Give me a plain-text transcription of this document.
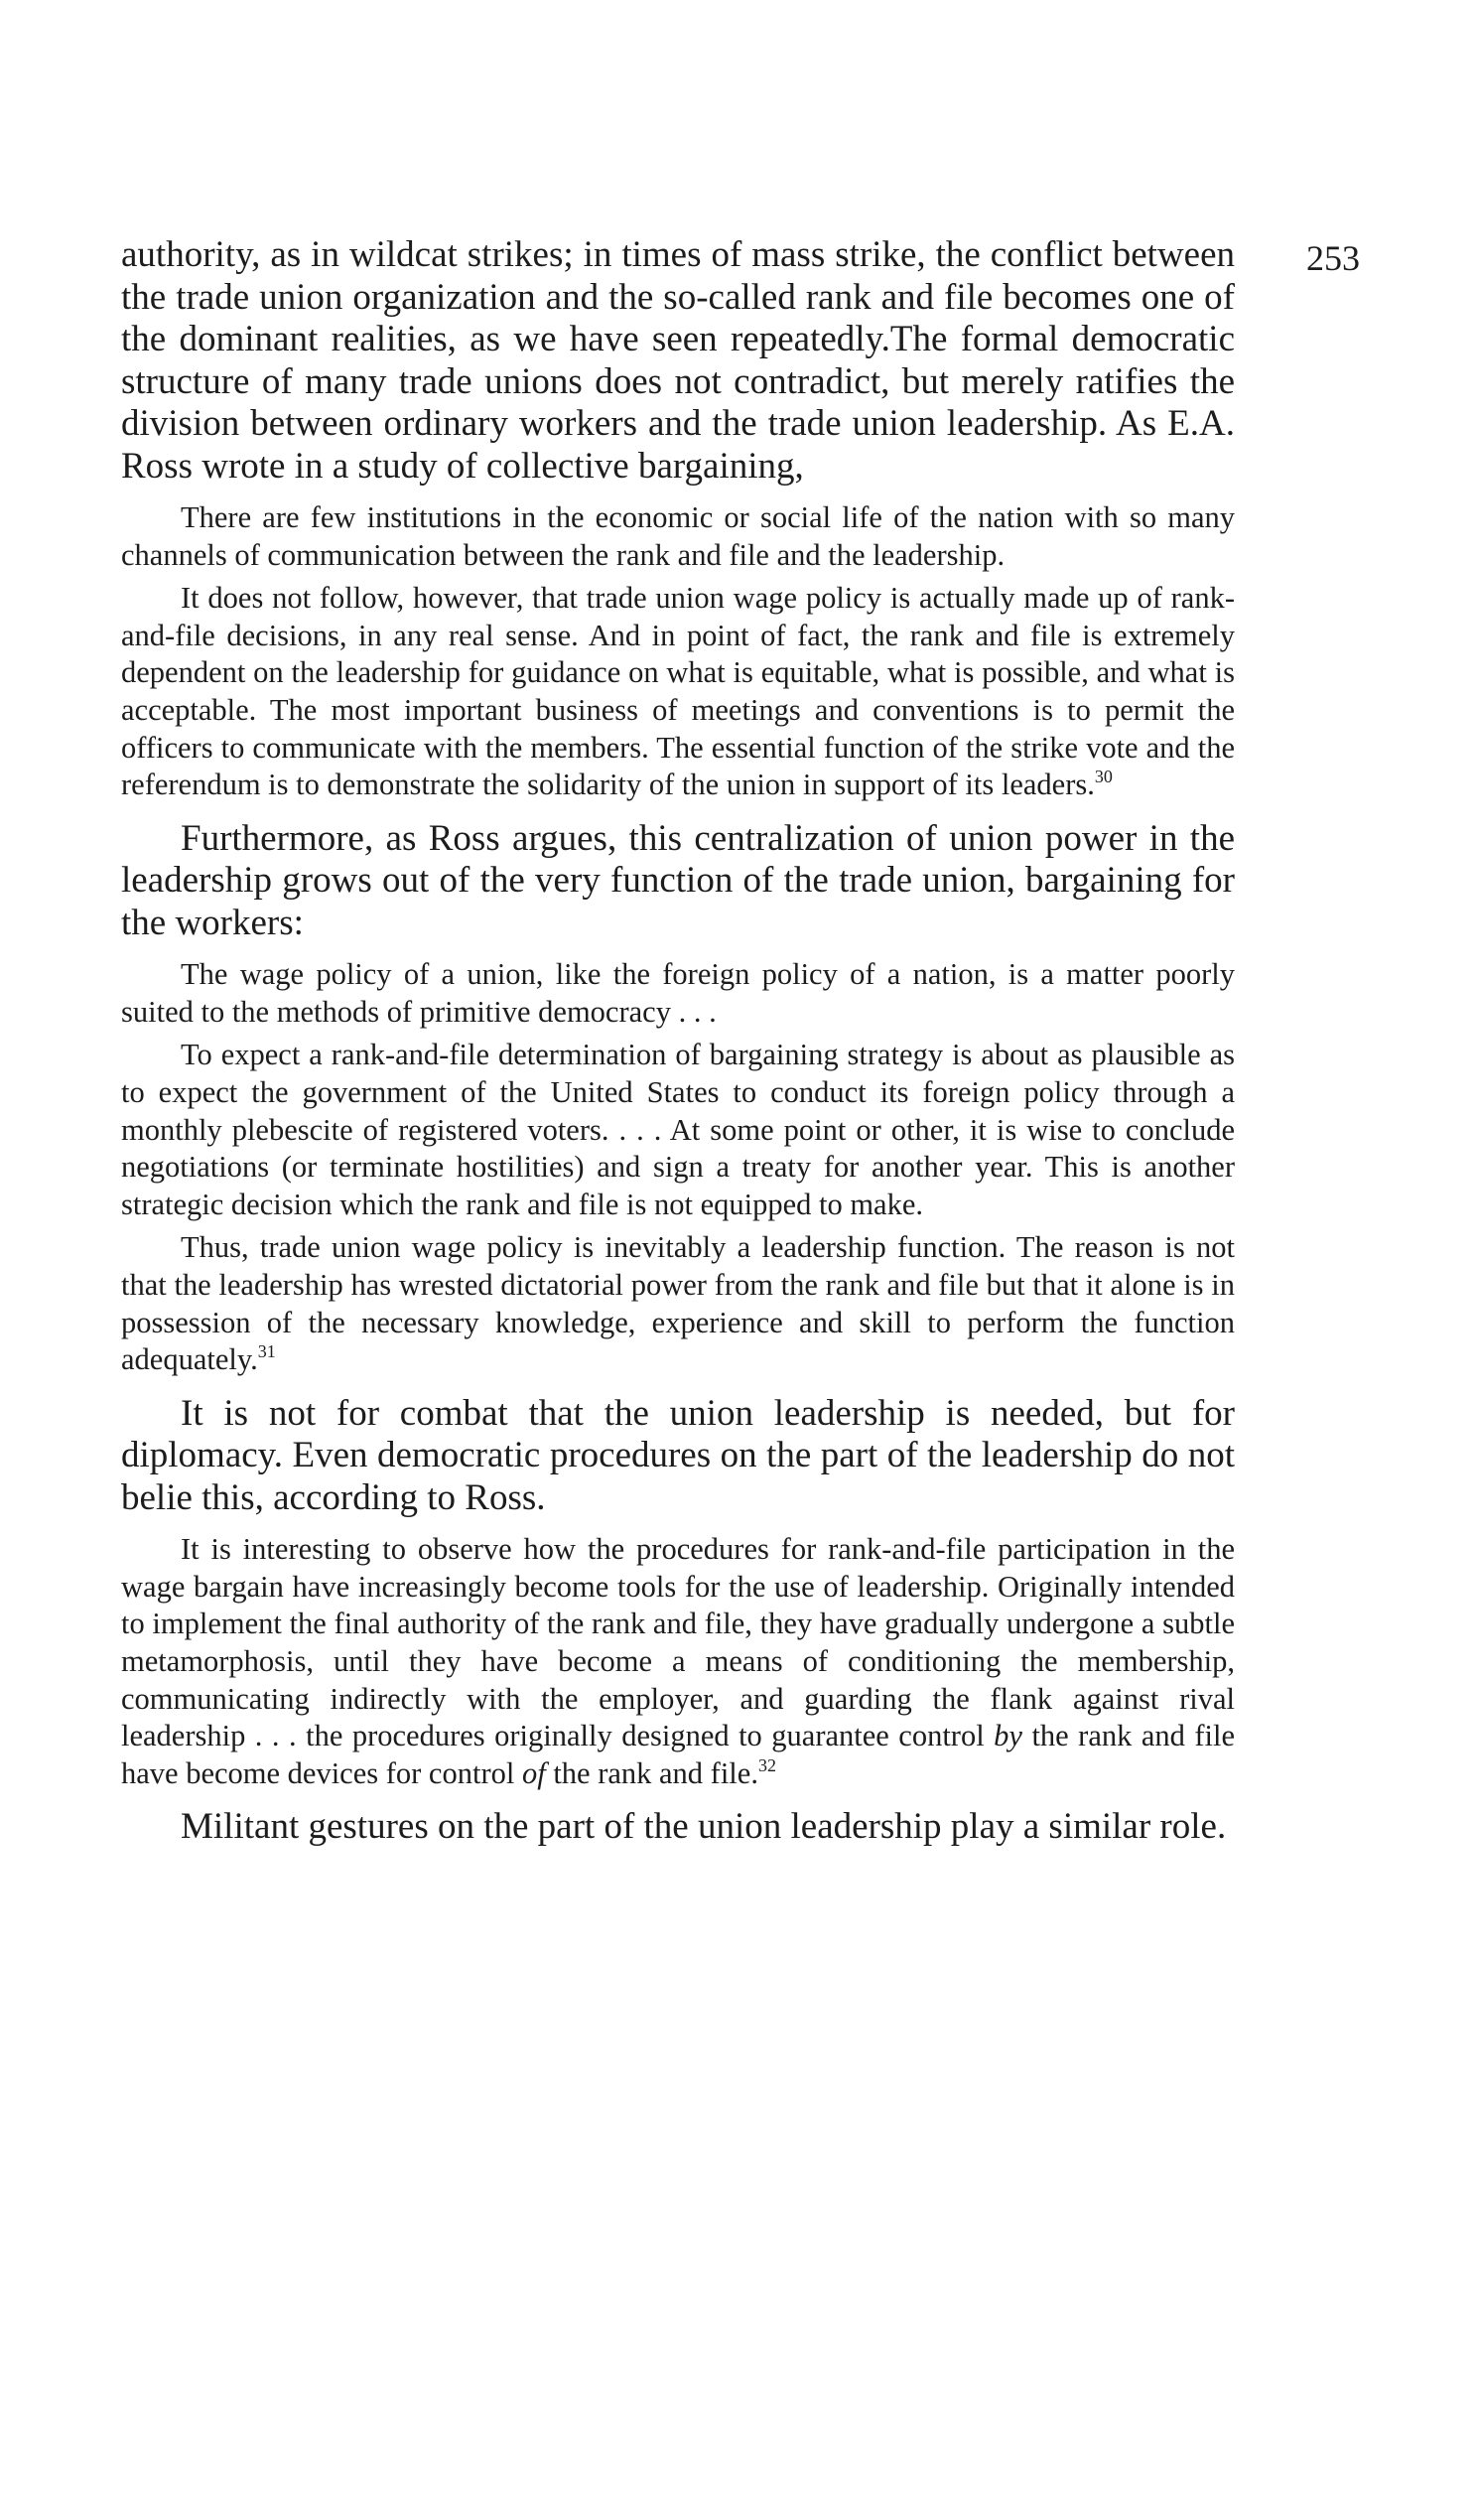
253

authority, as in wildcat strikes; in times of mass strike, the conflict between the trade union organization and the so-called rank and file becomes one of the dominant realities, as we have seen repeatedly.The formal democratic structure of many trade unions does not contradict, but merely ratifies the division between ordinary workers and the trade union leadership. As E.A. Ross wrote in a study of collective bargaining,

There are few institutions in the economic or social life of the nation with so many channels of communication between the rank and file and the leadership.

It does not follow, however, that trade union wage policy is actually made up of rank-and-file decisions, in any real sense. And in point of fact, the rank and file is extremely dependent on the leadership for guidance on what is equitable, what is possible, and what is acceptable. The most important business of meetings and conventions is to permit the officers to communicate with the members. The essential function of the strike vote and the referendum is to demonstrate the solidarity of the union in support of its leaders.$^{30}$

Furthermore, as Ross argues, this centralization of union power in the leadership grows out of the very function of the trade union, bargaining for the workers:

The wage policy of a union, like the foreign policy of a nation, is a matter poorly suited to the methods of primitive democracy . . .

To expect a rank-and-file determination of bargaining strategy is about as plausible as to expect the government of the United States to conduct its foreign policy through a monthly plebescite of registered voters. . . . At some point or other, it is wise to conclude negotiations (or terminate hostilities) and sign a treaty for another year. This is another strategic decision which the rank and file is not equipped to make.

Thus, trade union wage policy is inevitably a leadership function. The reason is not that the leadership has wrested dictatorial power from the rank and file but that it alone is in possession of the necessary knowledge, experience and skill to perform the function adequately.$^{31}$

It is not for combat that the union leadership is needed, but for diplomacy. Even democratic procedures on the part of the leadership do not belie this, according to Ross.

It is interesting to observe how the procedures for rank-and-file participation in the wage bargain have increasingly become tools for the use of leadership. Originally intended to implement the final authority of the rank and file, they have gradually undergone a subtle metamorphosis, until they have become a means of conditioning the membership, communicating indirectly with the employer, and guarding the flank against rival leadership . . . the procedures originally designed to guarantee control by the rank and file have become devices for control of the rank and file.$^{32}$

Militant gestures on the part of the union leadership play a similar role.
